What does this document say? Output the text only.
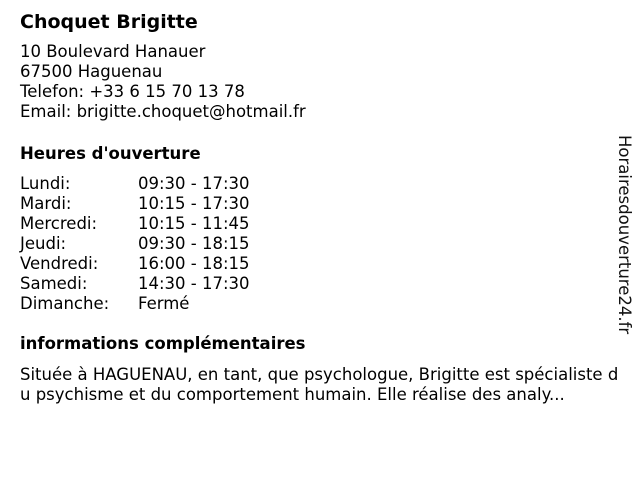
Choquet Brigitte
10 Boulevard Hanauer
67500 Haguenau
Telefon: +33 6 15 70 13 78
Email: brigitte.choquet@hotmail.fr
Heures d'ouverture
Lundi:	09:30 - 17:30
Mardi:	10:15 - 17:30
Mercredi:	10:15 - 11:45
Jeudi:	09:30 - 18:15
Vendredi:	16:00 - 18:15
Samedi:	14:30 - 17:30
Dimanche:	Fermé
informations complémentaires
Située à HAGUENAU, en tant, que psychologue, Brigitte est spécialiste du psychisme et du comportement humain. Elle réalise des analy...
Horairesdouverture24.fr
